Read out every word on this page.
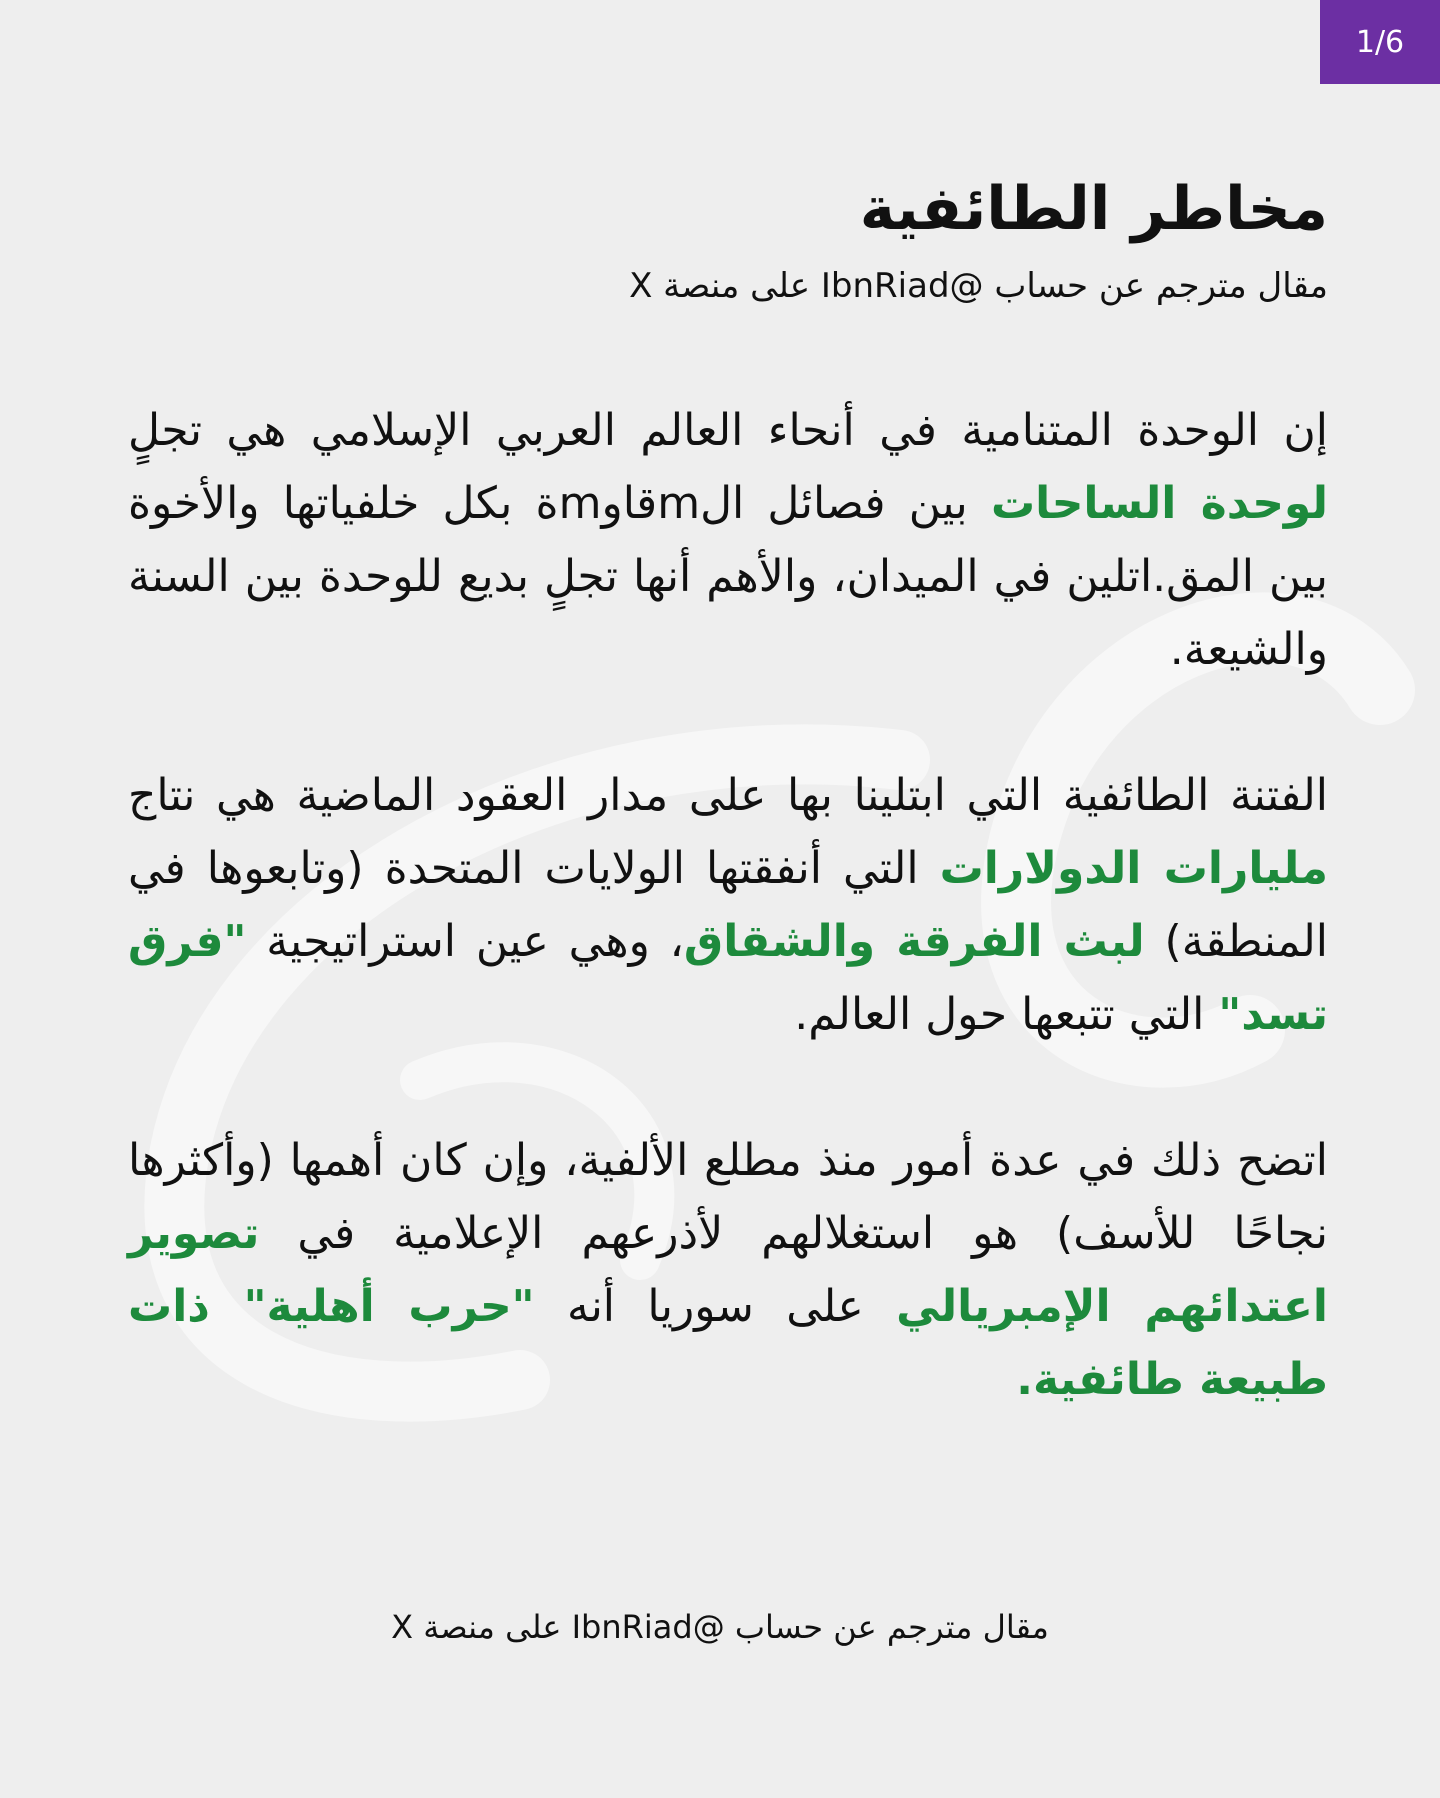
1/6
مخاطر الطائفية
مقال مترجم عن حساب @IbnRiad على منصة X

إن الوحدة المتنامية في أنحاء العالم العربي الإسلامي هي تجلٍ لوحدة الساحات بين فصائل الmقاوmة بكل خلفياتها والأخوة بين المق.اتلين في الميدان، والأهم أنها تجلٍ بديع للوحدة بين السنة والشيعة.

الفتنة الطائفية التي ابتلينا بها على مدار العقود الماضية هي نتاج مليارات الدولارات التي أنفقتها الولايات المتحدة (وتابعوها في المنطقة) لبث الفرقة والشقاق، وهي عين استراتيجية "فرق تسد" التي تتبعها حول العالم.

اتضح ذلك في عدة أمور منذ مطلع الألفية، وإن كان أهمها (وأكثرها نجاحًا للأسف) هو استغلالهم لأذرعهم الإعلامية في تصوير اعتدائهم الإمبريالي على سوريا أنه "حرب أهلية" ذات طبيعة طائفية.

مقال مترجم عن حساب @IbnRiad على منصة X
